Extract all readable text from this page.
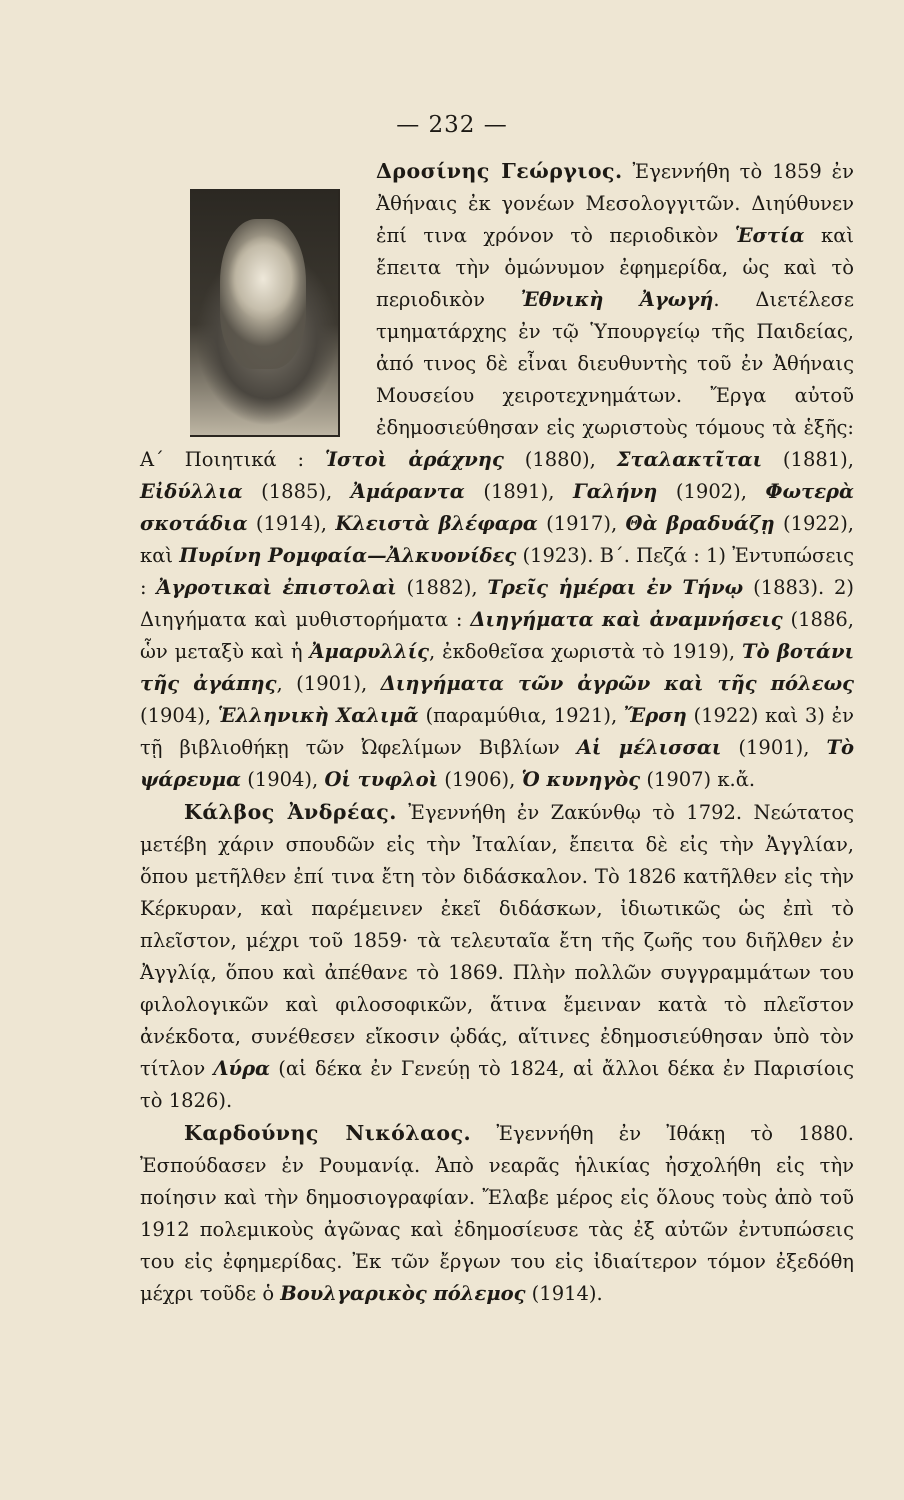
— 232 —

Δροσίνης Γεώργιος. Ἐγεννήθη τὸ 1859 ἐν Ἀθήναις ἐκ γονέων Μεσολογγιτῶν. Διηύθυνεν ἐπί τινα χρόνον τὸ περιοδικὸν Ἑστία καὶ ἔπειτα τὴν ὁμώνυμον ἐφημερίδα, ὡς καὶ τὸ περιοδικὸν Ἐθνικὴ Ἀγωγή. Διετέλεσε τμηματάρχης ἐν τῷ Ὑπουργείῳ τῆς Παιδείας, ἀπό τινος δὲ εἶναι διευθυντὴς τοῦ ἐν Ἀθήναις Μουσείου χειροτεχνημάτων. Ἔργα αὐτοῦ ἐδημοσιεύθησαν εἰς χωριστοὺς τόμους τὰ ἑξῆς: Α΄ Ποιητικά : Ἱστοὶ ἀράχνης (1880), Σταλακτῖται (1881), Εἰδύλλια (1885), Ἀμάραντα (1891), Γαλήνη (1902), Φωτερὰ σκοτάδια (1914), Κλειστὰ βλέφαρα (1917), Θὰ βραδυάζῃ (1922), καὶ Πυρίνη Ρομφαία—Ἀλκυονίδες (1923). Β΄. Πεζά : 1) Ἐντυπώσεις : Ἀγροτικαὶ ἐπιστολαὶ (1882), Τρεῖς ἡμέραι ἐν Τήνῳ (1883). 2) Διηγήματα καὶ μυθιστορήματα : Διηγήματα καὶ ἀναμνήσεις (1886, ὧν μεταξὺ καὶ ἡ Ἀμαρυλλίς, ἐκδοθεῖσα χωριστὰ τὸ 1919), Τὸ βοτάνι τῆς ἀγάπης, (1901), Διηγήματα τῶν ἀγρῶν καὶ τῆς πόλεως (1904), Ἑλληνικὴ Χαλιμᾶ (παραμύθια, 1921), Ἔρση (1922) καὶ 3) ἐν τῇ βιβλιοθήκῃ τῶν Ὠφελίμων Βιβλίων Αἱ μέλισσαι (1901), Τὸ ψάρευμα (1904), Οἱ τυφλοὶ (1906), Ὁ κυνηγὸς (1907) κ.ἄ.

Κάλβος Ἀνδρέας. Ἐγεννήθη ἐν Ζακύνθῳ τὸ 1792. Νεώτατος μετέβη χάριν σπουδῶν εἰς τὴν Ἰταλίαν, ἔπειτα δὲ εἰς τὴν Ἀγγλίαν, ὅπου μετῆλθεν ἐπί τινα ἔτη τὸν διδάσκαλον. Τὸ 1826 κατῆλθεν εἰς τὴν Κέρκυραν, καὶ παρέμεινεν ἐκεῖ διδάσκων, ἰδιωτικῶς ὡς ἐπὶ τὸ πλεῖστον, μέχρι τοῦ 1859· τὰ τελευταῖα ἔτη τῆς ζωῆς του διῆλθεν ἐν Ἀγγλίᾳ, ὅπου καὶ ἀπέθανε τὸ 1869. Πλὴν πολλῶν συγγραμμάτων του φιλολογικῶν καὶ φιλοσοφικῶν, ἅτινα ἔμειναν κατὰ τὸ πλεῖστον ἀνέκδοτα, συνέθεσεν εἴκοσιν ᾠδάς, αἵτινες ἐδημοσιεύθησαν ὑπὸ τὸν τίτλον Λύρα (αἱ δέκα ἐν Γενεύῃ τὸ 1824, αἱ ἄλλοι δέκα ἐν Παρισίοις τὸ 1826).

Καρδούνης Νικόλαος. Ἐγεννήθη ἐν Ἰθάκῃ τὸ 1880. Ἐσπούδασεν ἐν Ρουμανίᾳ. Ἀπὸ νεαρᾶς ἡλικίας ἠσχολήθη εἰς τὴν ποίησιν καὶ τὴν δημοσιογραφίαν. Ἔλαβε μέρος εἰς ὅλους τοὺς ἀπὸ τοῦ 1912 πολεμικοὺς ἀγῶνας καὶ ἐδημοσίευσε τὰς ἐξ αὐτῶν ἐντυπώσεις του εἰς ἐφημερίδας. Ἐκ τῶν ἔργων του εἰς ἰδιαίτερον τόμον ἐξεδόθη μέχρι τοῦδε ὁ Βουλγαρικὸς πόλεμος (1914).
